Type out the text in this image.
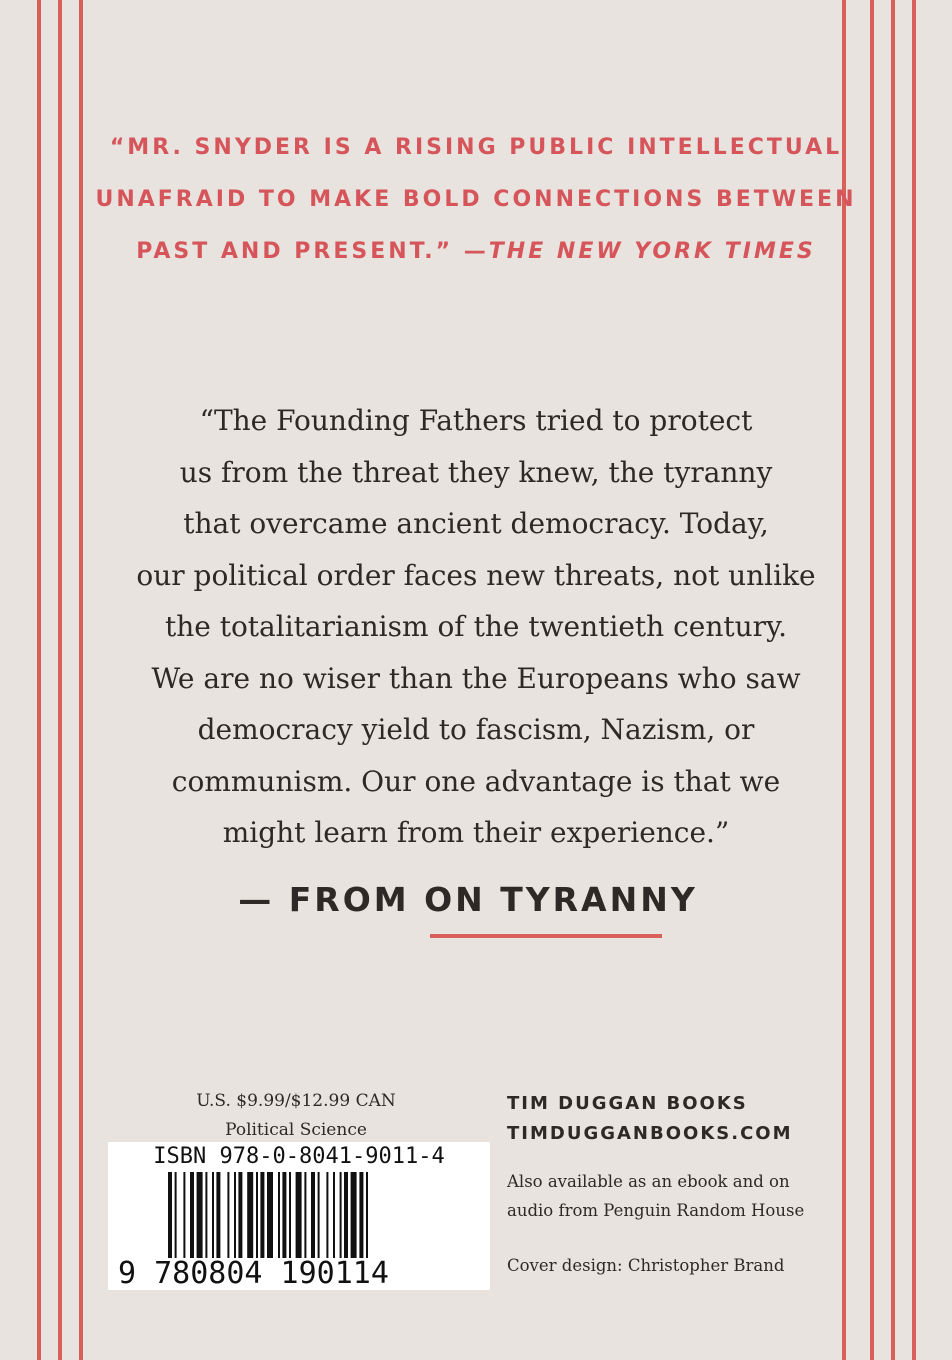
“MR. SNYDER IS A RISING PUBLIC INTELLECTUAL
UNAFRAID TO MAKE BOLD CONNECTIONS BETWEEN
PAST AND PRESENT.” —THE NEW YORK TIMES
“The Founding Fathers tried to protect
us from the threat they knew, the tyranny
that overcame ancient democracy. Today,
our political order faces new threats, not unlike
the totalitarianism of the twentieth century.
We are no wiser than the Europeans who saw
democracy yield to fascism, Nazism, or
communism. Our one advantage is that we
might learn from their experience.”
— FROM ON TYRANNY
U.S. $9.99/$12.99 CAN
Political Science
ISBN 978-0-8041-9011-4
9 780804 190114
TIM DUGGAN BOOKS
TIMDUGGANBOOKS.COM
Also available as an ebook and on
audio from Penguin Random House
Cover design: Christopher Brand
